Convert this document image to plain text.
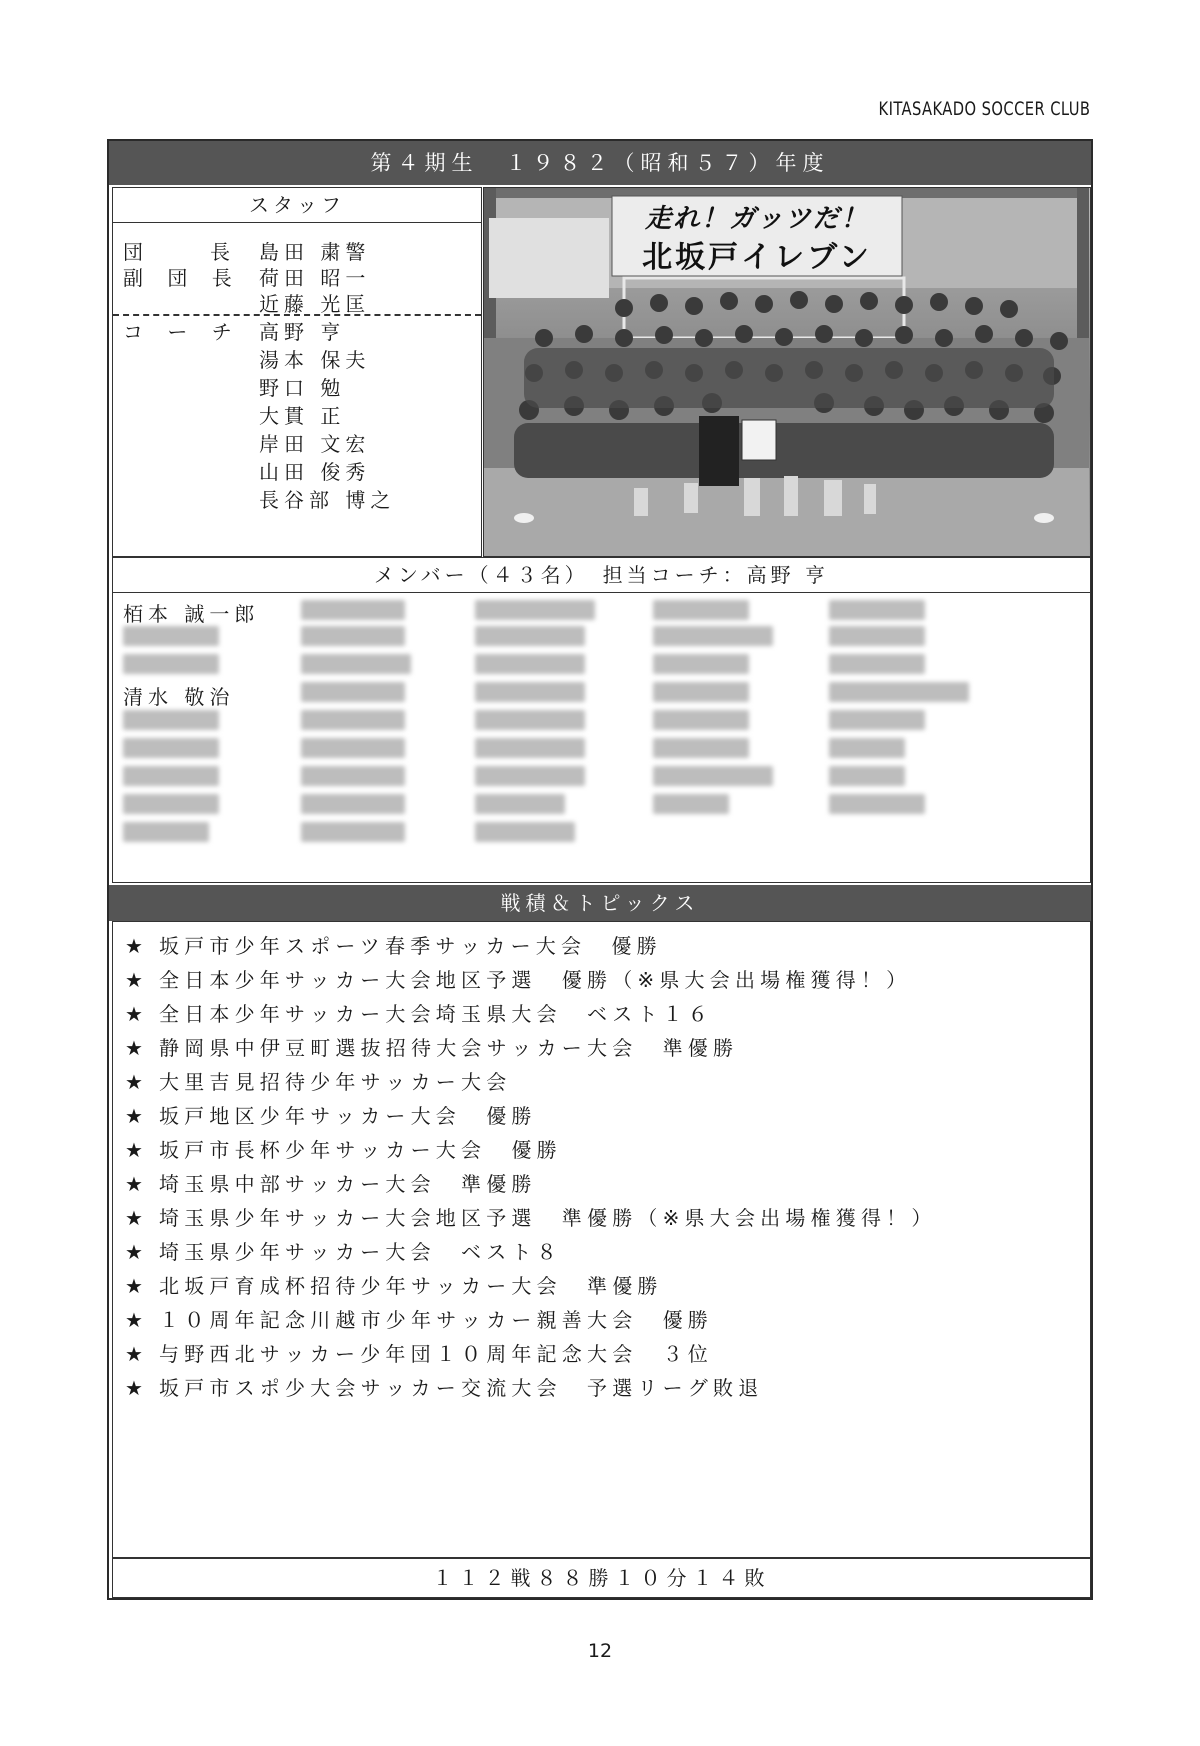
KITASAKADO SOCCER CLUB
第４期生　１９８２（昭和５７）年度
スタッフ
団　　長 島田 粛警
副 団 長 荷田 昭一
近藤 光匡
コ ー チ 高野 亨
湯本 保夫
野口 勉
大貫 正
岸田 文宏
山田 俊秀
長谷部 博之
走れ！ガッツだ！
北坂戸イレブン
メンバー（４３名）　担当コーチ：高野 亨
栢本 誠一郎
清水 敬治
戦積＆トピックス
★ 坂戸市少年スポーツ春季サッカー大会　優勝
★ 全日本少年サッカー大会地区予選　優勝（※県大会出場権獲得！）
★ 全日本少年サッカー大会埼玉県大会　ベスト１６
★ 静岡県中伊豆町選抜招待大会サッカー大会　準優勝
★ 大里吉見招待少年サッカー大会
★ 坂戸地区少年サッカー大会　優勝
★ 坂戸市長杯少年サッカー大会　優勝
★ 埼玉県中部サッカー大会　準優勝
★ 埼玉県少年サッカー大会地区予選　準優勝（※県大会出場権獲得！）
★ 埼玉県少年サッカー大会　ベスト８
★ 北坂戸育成杯招待少年サッカー大会　準優勝
★ １０周年記念川越市少年サッカー親善大会　優勝
★ 与野西北サッカー少年団１０周年記念大会　３位
★ 坂戸市スポ少大会サッカー交流大会　予選リーグ敗退
１１２戦８８勝１０分１４敗
12
